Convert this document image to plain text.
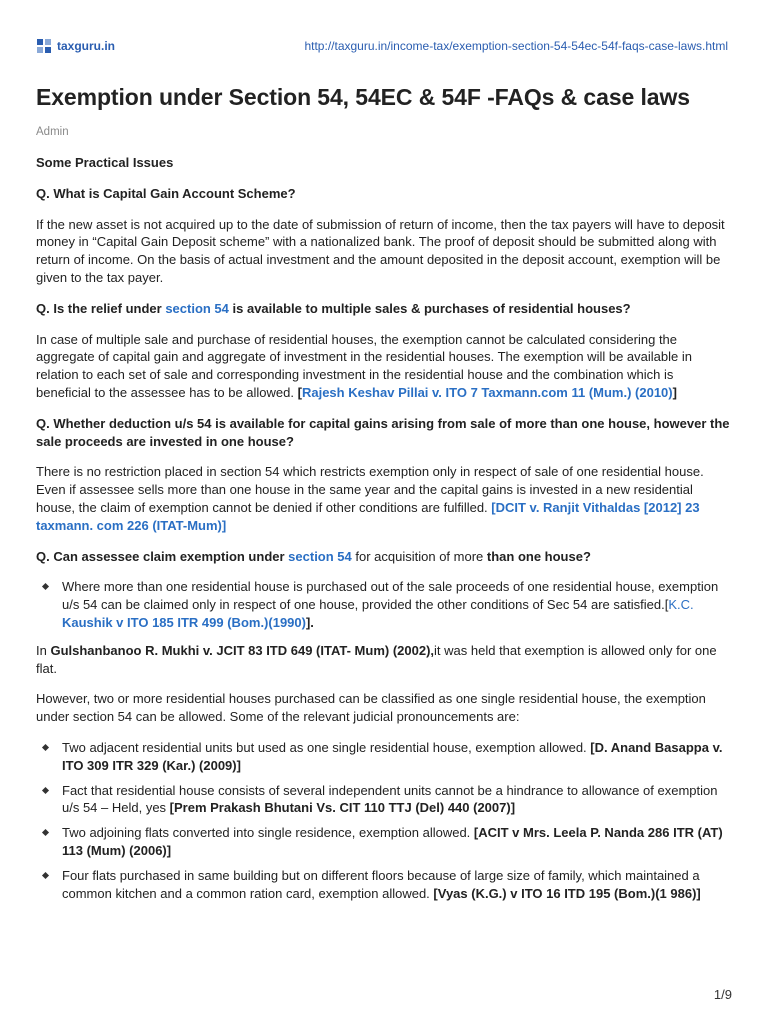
taxguru.in	http://taxguru.in/income-tax/exemption-section-54-54ec-54f-faqs-case-laws.html
Exemption under Section 54, 54EC & 54F -FAQs & case laws
Admin

Some Practical Issues

Q. What is Capital Gain Account Scheme?

If the new asset is not acquired up to the date of submission of return of income, then the tax payers will have to deposit money in “Capital Gain Deposit scheme” with a nationalized bank. The proof of deposit should be submitted along with return of income. On the basis of actual investment and the amount deposited in the deposit account, exemption will be given to the tax payer.

Q. Is the relief under section 54 is available to multiple sales & purchases of residential houses?

In case of multiple sale and purchase of residential houses, the exemption cannot be calculated considering the aggregate of capital gain and aggregate of investment in the residential houses. The exemption will be available in relation to each set of sale and corresponding investment in the residential house and the combination which is beneficial to the assessee has to be allowed. [Rajesh Keshav Pillai v. ITO 7 Taxmann.com 11 (Mum.) (2010)]

Q. Whether deduction u/s 54 is available for capital gains arising from sale of more than one house, however the sale proceeds are invested in one house?

There is no restriction placed in section 54 which restricts exemption only in respect of sale of one residential house. Even if assessee sells more than one house in the same year and the capital gains is invested in a new residential house, the claim of exemption cannot be denied if other conditions are fulfilled. [DCIT v. Ranjit Vithaldas [2012] 23 taxmann. com 226 (ITAT-Mum)]

Q. Can assessee claim exemption under section 54 for acquisition of more than one house?

Where more than one residential house is purchased out of the sale proceeds of one residential house, exemption u/s 54 can be claimed only in respect of one house, provided the other conditions of Sec 54 are satisfied.[K.C. Kaushik v ITO 185 ITR 499 (Bom.)(1990)].

In Gulshanbanoo R. Mukhi v. JCIT 83 ITD 649 (ITAT- Mum) (2002),it was held that exemption is allowed only for one flat.

However, two or more residential houses purchased can be classified as one single residential house, the exemption under section 54 can be allowed. Some of the relevant judicial pronouncements are:

Two adjacent residential units but used as one single residential house, exemption allowed. [D. Anand Basappa v. ITO 309 ITR 329 (Kar.) (2009)]
Fact that residential house consists of several independent units cannot be a hindrance to allowance of exemption u/s 54 – Held, yes [Prem Prakash Bhutani Vs. CIT 110 TTJ (Del) 440 (2007)]
Two adjoining flats converted into single residence, exemption allowed. [ACIT v Mrs. Leela P. Nanda 286 ITR (AT) 113 (Mum) (2006)]
Four flats purchased in same building but on different floors because of large size of family, which maintained a common kitchen and a common ration card, exemption allowed. [Vyas (K.G.) v ITO 16 ITD 195 (Bom.)(1 986)]
1/9
